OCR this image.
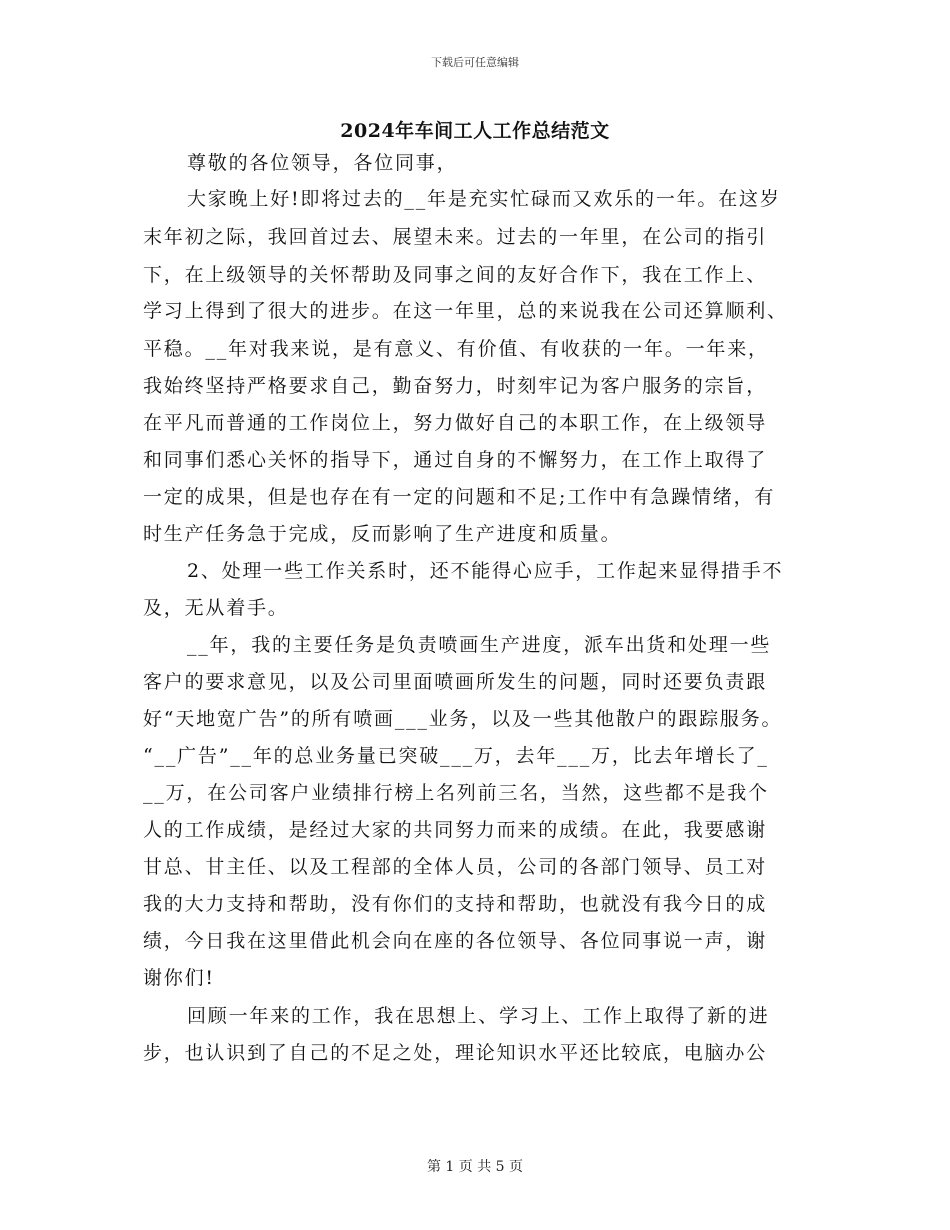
下载后可任意编辑
2024年车间工人工作总结范文
尊敬的各位领导，各位同事，
大家晚上好!即将过去的__年是充实忙碌而又欢乐的一年。在这岁
末年初之际，我回首过去、展望未来。过去的一年里，在公司的指引
下，在上级领导的关怀帮助及同事之间的友好合作下，我在工作上、
学习上得到了很大的进步。在这一年里，总的来说我在公司还算顺利、
平稳。__年对我来说，是有意义、有价值、有收获的一年。一年来，
我始终坚持严格要求自己，勤奋努力，时刻牢记为客户服务的宗旨，
在平凡而普通的工作岗位上，努力做好自己的本职工作，在上级领导
和同事们悉心关怀的指导下，通过自身的不懈努力，在工作上取得了
一定的成果，但是也存在有一定的问题和不足;工作中有急躁情绪，有
时生产任务急于完成，反而影响了生产进度和质量。
2、处理一些工作关系时，还不能得心应手，工作起来显得措手不
及，无从着手。
__年，我的主要任务是负责喷画生产进度，派车出货和处理一些
客户的要求意见，以及公司里面喷画所发生的问题，同时还要负责跟
好“天地宽广告”的所有喷画___业务，以及一些其他散户的跟踪服务。
“__广告”__年的总业务量已突破___万，去年___万，比去年增长了_
__万，在公司客户业绩排行榜上名列前三名，当然，这些都不是我个
人的工作成绩，是经过大家的共同努力而来的成绩。在此，我要感谢
甘总、甘主任、以及工程部的全体人员，公司的各部门领导、员工对
我的大力支持和帮助，没有你们的支持和帮助，也就没有我今日的成
绩，今日我在这里借此机会向在座的各位领导、各位同事说一声，谢
谢你们!
回顾一年来的工作，我在思想上、学习上、工作上取得了新的进
步，也认识到了自己的不足之处，理论知识水平还比较底，电脑办公
第 1 页 共 5 页
